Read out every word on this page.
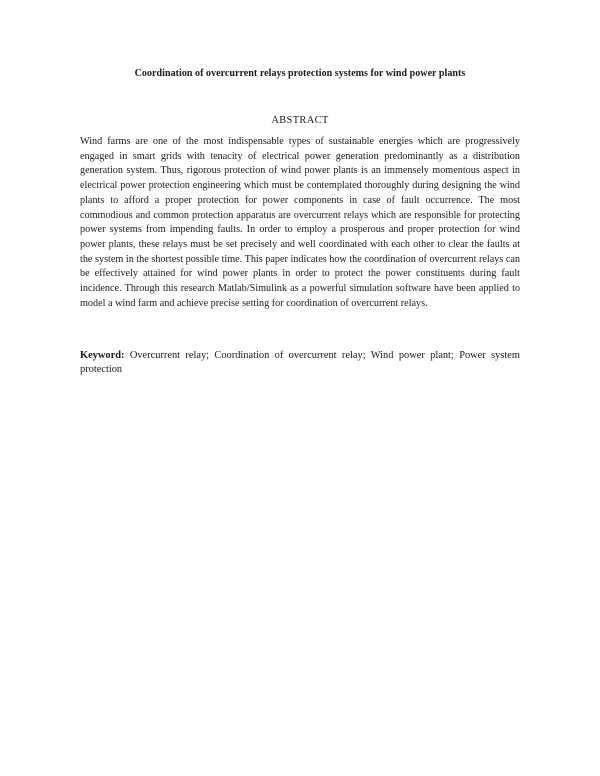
Coordination of overcurrent relays protection systems for wind power plants
ABSTRACT

Wind farms are one of the most indispensable types of sustainable energies which are progressively engaged in smart grids with tenacity of electrical power generation predominantly as a distribution generation system. Thus, rigorous protection of wind power plants is an immensely momentous aspect in electrical power protection engineering which must be contemplated thoroughly during designing the wind plants to afford a proper protection for power components in case of fault occurrence. The most commodious and common protection apparatus are overcurrent relays which are responsible for protecting power systems from impending faults. In order to employ a prosperous and proper protection for wind power plants, these relays must be set precisely and well coordinated with each other to clear the faults at the system in the shortest possible time. This paper indicates how the coordination of overcurrent relays can be effectively attained for wind power plants in order to protect the power constituents during fault incidence. Through this research Matlab/Simulink as a powerful simulation software have been applied to model a wind farm and achieve precise setting for coordination of overcurrent relays.

Keyword: Overcurrent relay; Coordination of overcurrent relay; Wind power plant; Power system protection
